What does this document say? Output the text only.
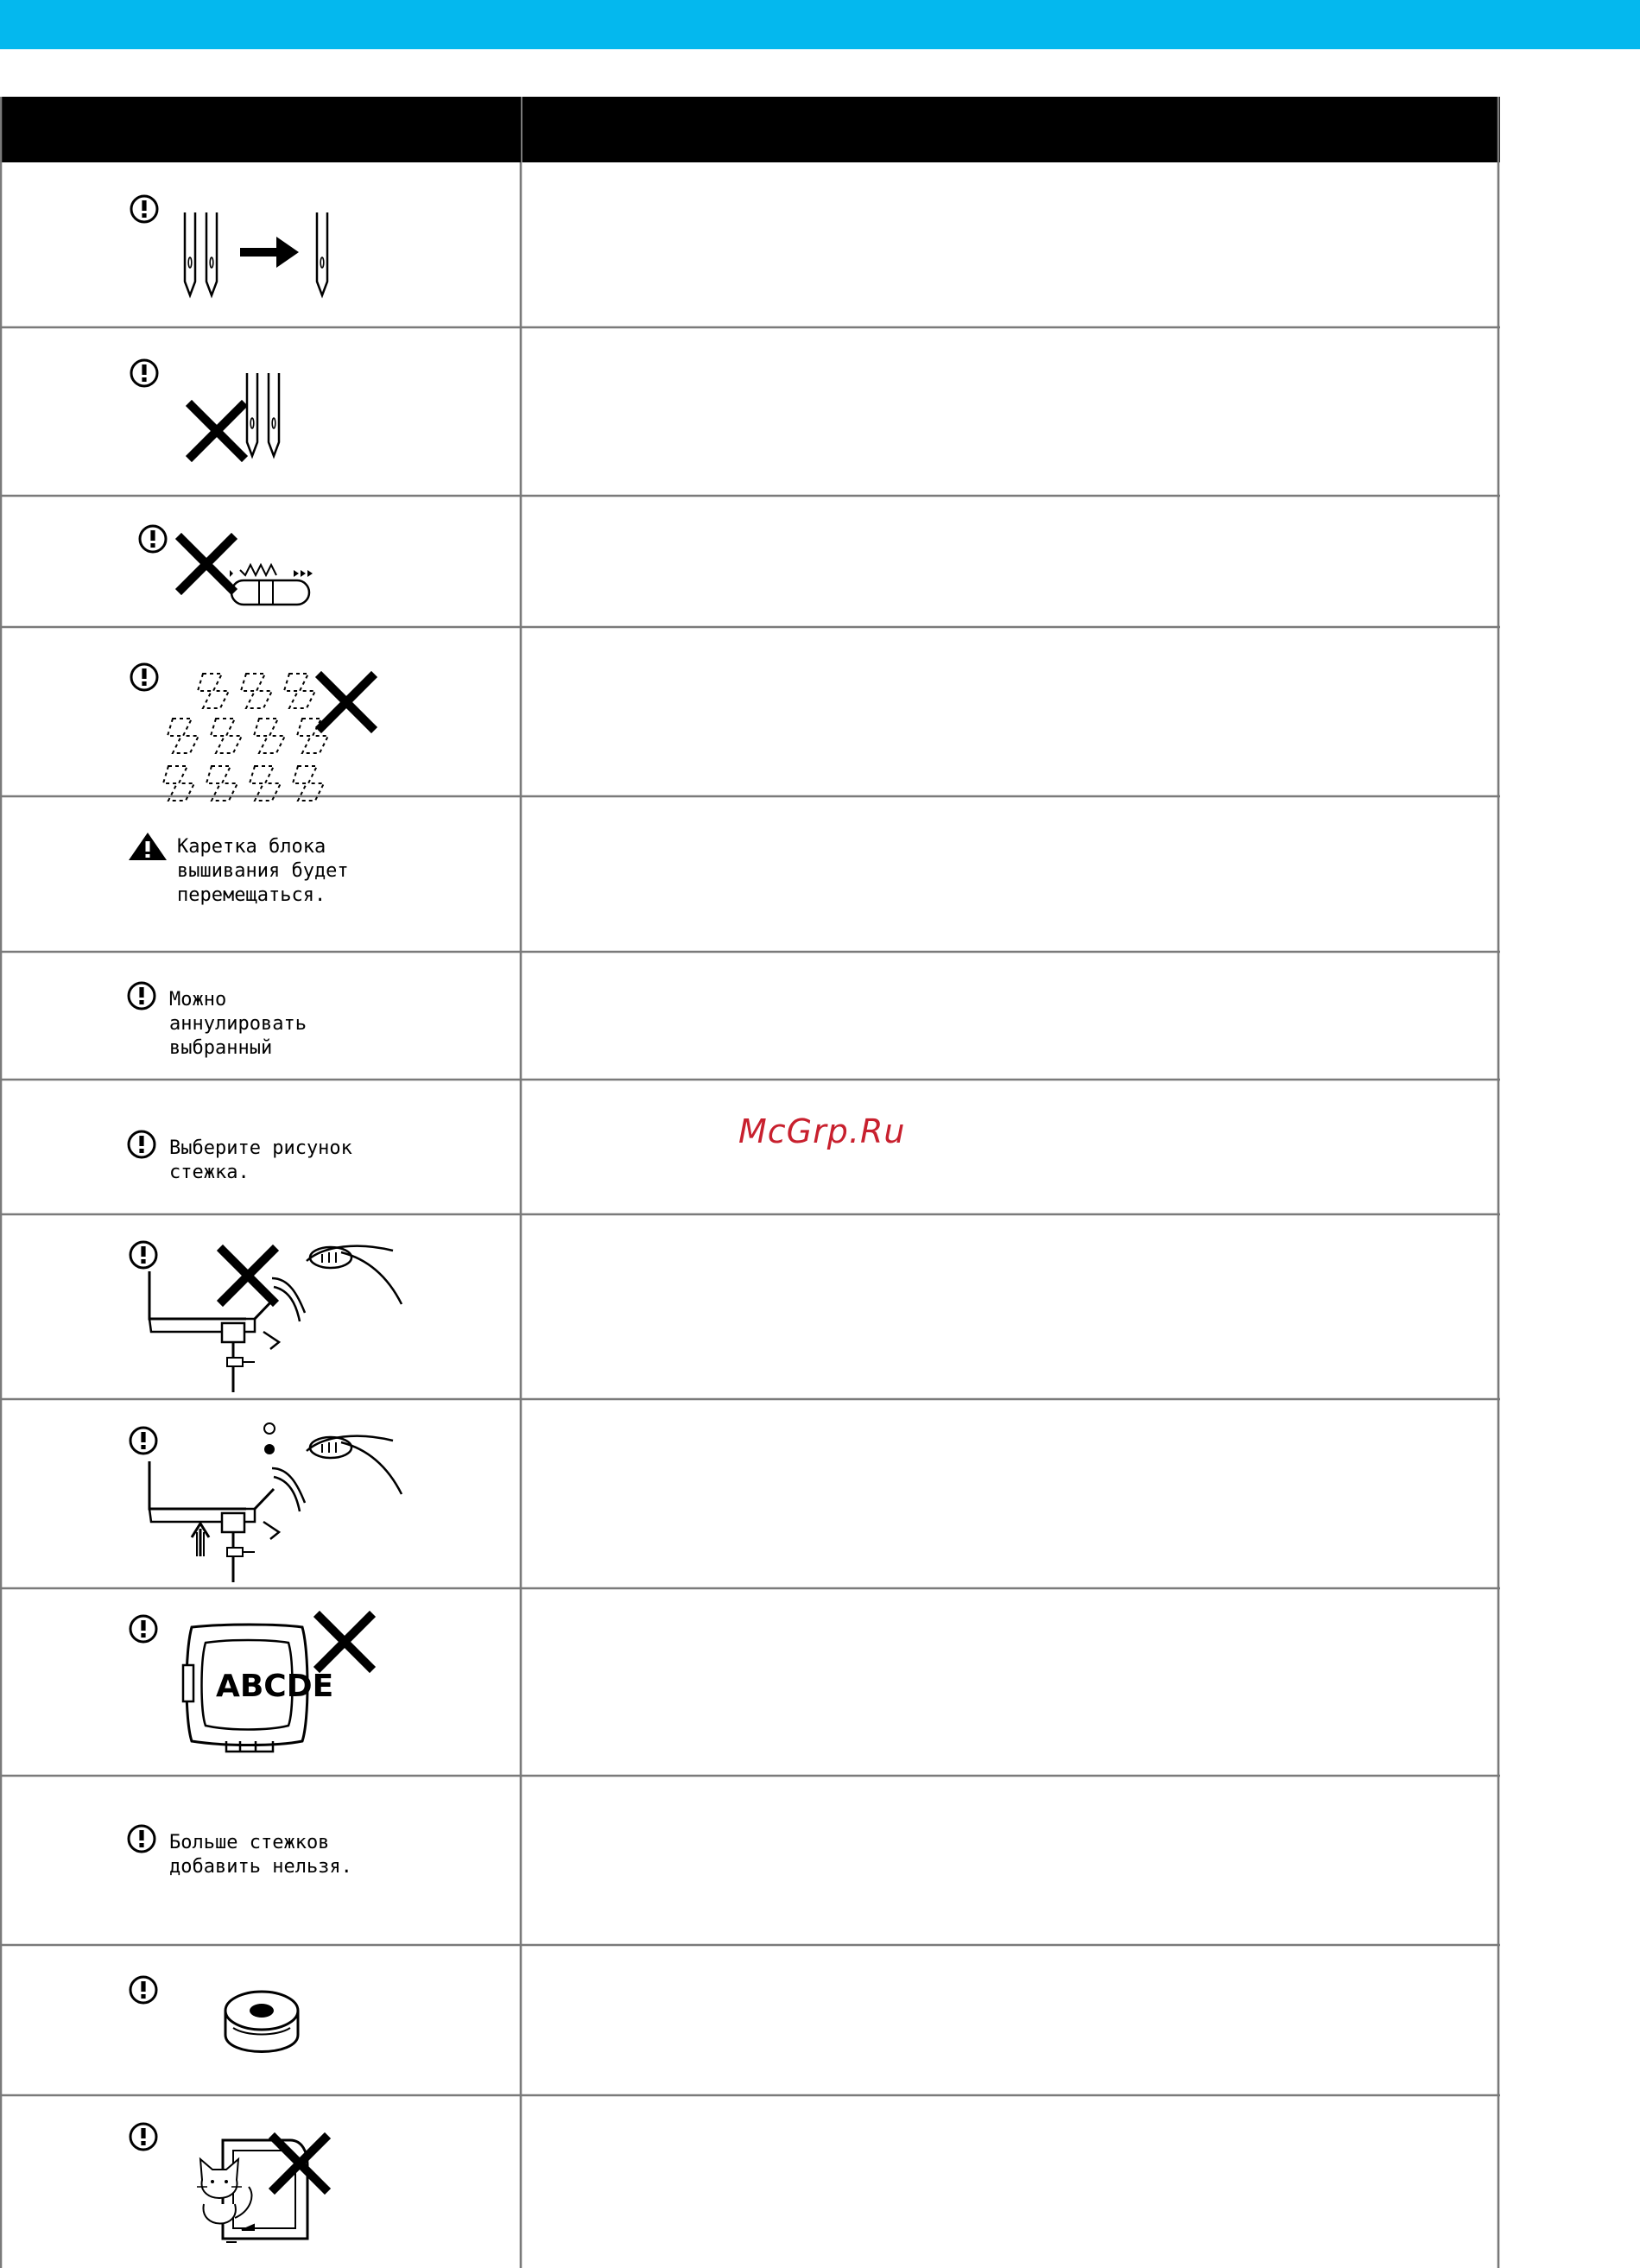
Каретка блока
вышивания будет
перемещаться.
Можно
аннулировать
выбранный
Выберите рисунок
стежка.
ABCDE
Больше стежков
добавить нельзя.
McGrp.Ru
